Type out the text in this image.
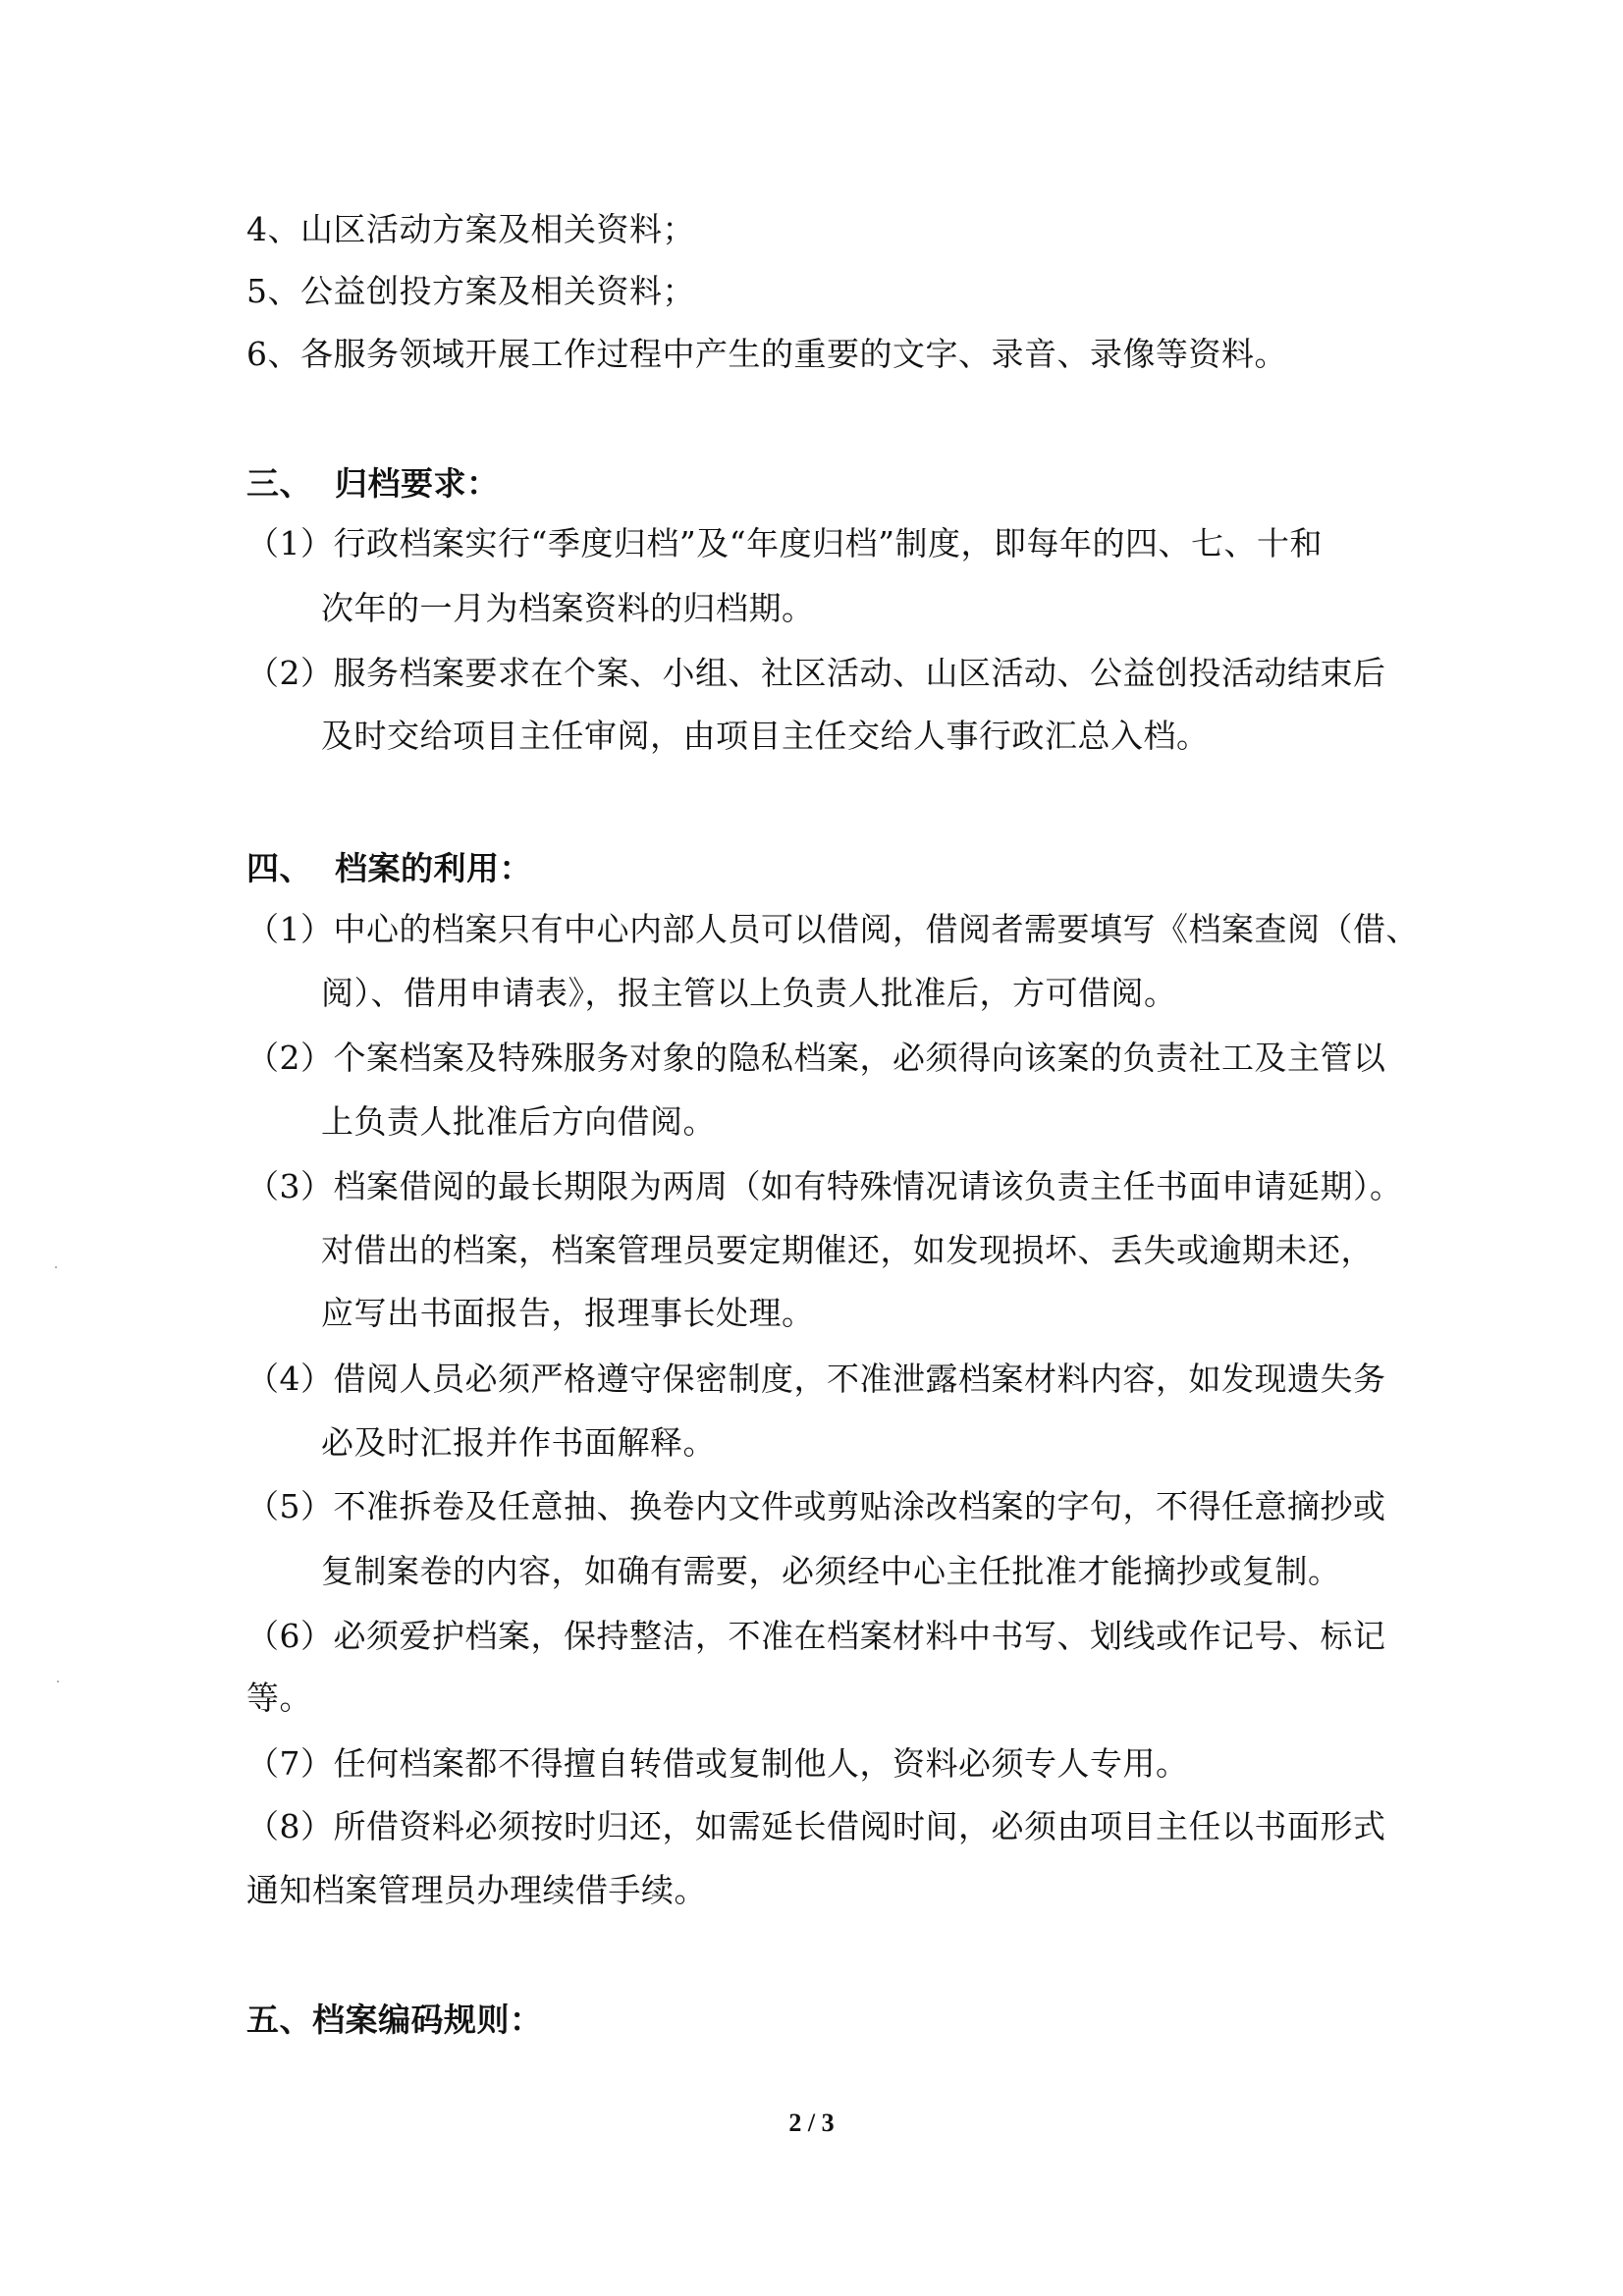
4、山区活动方案及相关资料；
5、公益创投方案及相关资料；
6、各服务领域开展工作过程中产生的重要的文字、录音、录像等资料。
三、 归档要求：
（1）行政档案实行“季度归档”及“年度归档”制度，即每年的四、七、十和
次年的一月为档案资料的归档期。
（2）服务档案要求在个案、小组、社区活动、山区活动、公益创投活动结束后
及时交给项目主任审阅，由项目主任交给人事行政汇总入档。
四、 档案的利用：
（1）中心的档案只有中心内部人员可以借阅，借阅者需要填写《档案查阅（借、
阅）、借用申请表》，报主管以上负责人批准后，方可借阅。
（2）个案档案及特殊服务对象的隐私档案，必须得向该案的负责社工及主管以
上负责人批准后方向借阅。
（3）档案借阅的最长期限为两周（如有特殊情况请该负责主任书面申请延期）。
对借出的档案，档案管理员要定期催还，如发现损坏、丢失或逾期未还，
应写出书面报告，报理事长处理。
（4）借阅人员必须严格遵守保密制度，不准泄露档案材料内容，如发现遗失务
必及时汇报并作书面解释。
（5）不准拆卷及任意抽、换卷内文件或剪贴涂改档案的字句，不得任意摘抄或
复制案卷的内容，如确有需要，必须经中心主任批准才能摘抄或复制。
（6）必须爱护档案，保持整洁，不准在档案材料中书写、划线或作记号、标记
等。
（7）任何档案都不得擅自转借或复制他人，资料必须专人专用。
（8）所借资料必须按时归还，如需延长借阅时间，必须由项目主任以书面形式
通知档案管理员办理续借手续。
五、档案编码规则：
2 / 3
